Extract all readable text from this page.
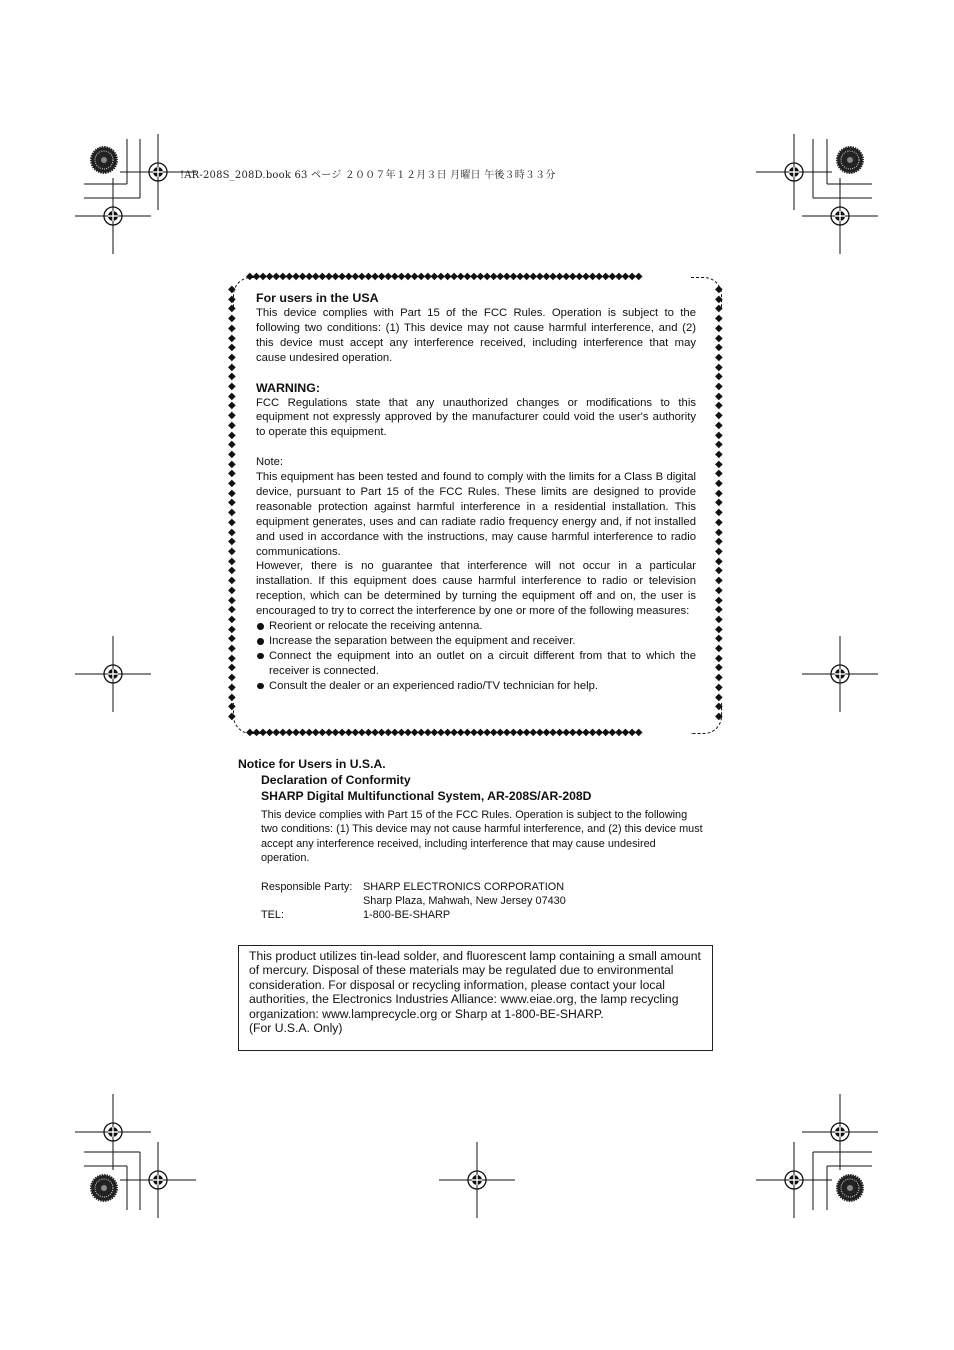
!AR-208S_208D.book 63 ページ ２００７年１２月３日 月曜日 午後３時３３分
◆◆◆◆◆◆◆◆◆◆◆◆◆◆◆◆◆◆◆◆◆◆◆◆◆◆◆◆◆◆◆◆◆◆◆◆◆◆◆◆◆◆◆◆◆◆◆◆◆◆◆◆◆◆◆◆◆◆◆◆
◆◆◆◆◆◆◆◆◆◆◆◆◆◆◆◆◆◆◆◆◆◆◆◆◆◆◆◆◆◆◆◆◆◆◆◆◆◆◆◆◆◆◆◆◆◆◆◆◆◆◆◆◆◆◆◆◆◆◆◆
◆◆◆◆◆◆◆◆◆◆◆◆◆◆◆◆◆◆◆◆◆◆◆◆◆◆◆◆◆◆◆◆◆◆◆◆◆◆◆◆◆◆◆◆◆
◆◆◆◆◆◆◆◆◆◆◆◆◆◆◆◆◆◆◆◆◆◆◆◆◆◆◆◆◆◆◆◆◆◆◆◆◆◆◆◆◆◆◆◆◆
For users in the USA

This device complies with Part 15 of the FCC Rules. Operation is subject to the following two conditions: (1) This device may not cause harmful interference, and (2) this device must accept any interference received, including interference that may cause undesired operation.

WARNING:

FCC Regulations state that any unauthorized changes or modifications to this equipment not expressly approved by the manufacturer could void the user's authority to operate this equipment.

Note:

This equipment has been tested and found to comply with the limits for a Class B digital device, pursuant to Part 15 of the FCC Rules. These limits are designed to provide reasonable protection against harmful interference in a residential installation. This equipment generates, uses and can radiate radio frequency energy and, if not installed and used in accordance with the instructions, may cause harmful interference to radio communications.

However, there is no guarantee that interference will not occur in a particular installation. If this equipment does cause harmful interference to radio or television reception, which can be determined by turning the equipment off and on, the user is encouraged to try to correct the interference by one or more of the following measures:

Reorient or relocate the receiving antenna.
Increase the separation between the equipment and receiver.
Connect the equipment into an outlet on a circuit different from that to which the receiver is connected.
Consult the dealer or an experienced radio/TV technician for help.
Notice for Users in U.S.A.
Declaration of Conformity
SHARP Digital Multifunctional System, AR-208S/AR-208D
This device complies with Part 15 of the FCC Rules. Operation is subject to the following two conditions: (1) This device may not cause harmful interference, and (2) this device must accept any interference received, including interference that may cause undesired operation.
Responsible Party: SHARP ELECTRONICS CORPORATION
Sharp Plaza, Mahwah, New Jersey 07430
TEL:	1-800-BE-SHARP
This product utilizes tin-lead solder, and fluorescent lamp containing a small amount of mercury. Disposal of these materials may be regulated due to environmental consideration. For disposal or recycling information, please contact your local authorities, the Electronics Industries Alliance: www.eiae.org, the lamp recycling organization: www.lamprecycle.org or Sharp at 1-800-BE-SHARP.
(For U.S.A. Only)
